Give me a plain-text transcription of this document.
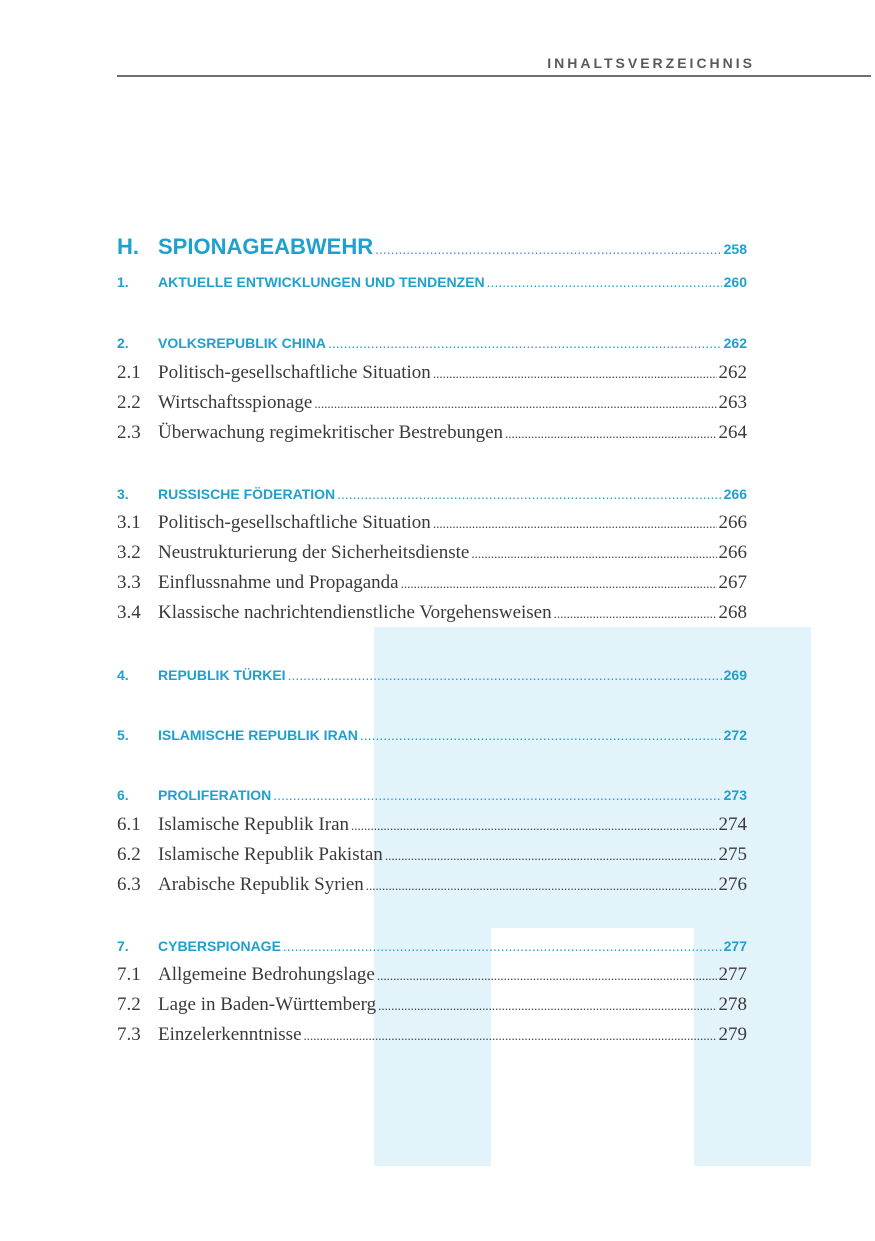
INHALTSVERZEICHNIS
H. SPIONAGEABWEHR .....	258
1.	AKTUELLE ENTWICKLUNGEN UND TENDENZEN .....	260
2.	VOLKSREPUBLIK CHINA .....	262
2.1 Politisch-gesellschaftliche Situation .....	262
2.2 Wirtschaftsspionage .....	263
2.3 Überwachung regimekritischer Bestrebungen .....	264
3.	RUSSISCHE FÖDERATION .....	266
3.1 Politisch-gesellschaftliche Situation .....	266
3.2 Neustrukturierung der Sicherheitsdienste .....	266
3.3 Einflussnahme und Propaganda .....	267
3.4 Klassische nachrichtendienstliche Vorgehensweisen .....	268
4.	REPUBLIK TÜRKEI .....	269
5.	ISLAMISCHE REPUBLIK IRAN .....	272
6.	PROLIFERATION .....	273
6.1 Islamische Republik Iran .....	274
6.2 Islamische Republik Pakistan .....	275
6.3 Arabische Republik Syrien .....	276
7.	CYBERSPIONAGE .....	277
7.1 Allgemeine Bedrohungslage .....	277
7.2 Lage in Baden-Württemberg .....	278
7.3 Einzelerkenntnisse .....	279
